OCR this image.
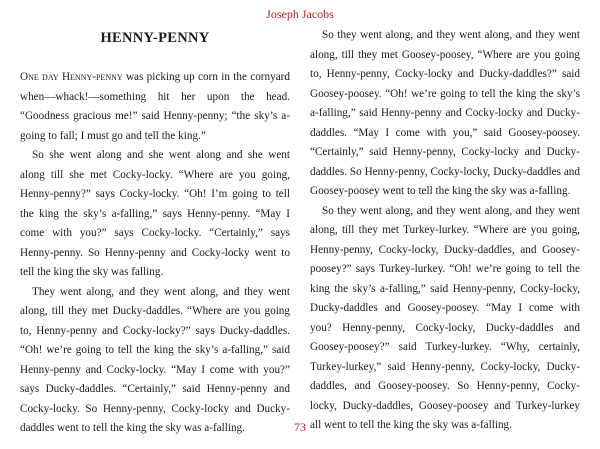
Joseph Jacobs
HENNY-PENNY

One day Henny-penny was picking up corn in the cornyard when—whack!—something hit her upon the head. “Goodness gracious me!” said Henny-penny; “the sky’s a-going to fall; I must go and tell the king.”

So she went along and she went along and she went along till she met Cocky-locky. “Where are you going, Henny-penny?” says Cocky-locky. “Oh! I’m going to tell the king the sky’s a-falling,” says Henny-penny. “May I come with you?” says Cocky-locky. “Certainly,” says Henny-penny. So Henny-penny and Cocky-locky went to tell the king the sky was falling.

They went along, and they went along, and they went along, till they met Ducky-daddles. “Where are you going to, Henny-penny and Cocky-locky?” says Ducky-daddles. “Oh! we’re going to tell the king the sky’s a-falling,” said Henny-penny and Cocky-locky. “May I come with you?” says Ducky-daddles. “Certainly,” said Henny-penny and Cocky-locky. So Henny-penny, Cocky-locky and Ducky-daddles went to tell the king the sky was a-falling.

So they went along, and they went along, and they went along, till they met Goosey-poosey, “Where are you going to, Henny-penny, Cocky-locky and Ducky-daddles?” said Goosey-poosey. “Oh! we’re going to tell the king the sky’s a-falling,” said Henny-penny and Cocky-locky and Ducky-daddles. “May I come with you,” said Goosey-poosey. “Certainly,” said Henny-penny, Cocky-locky and Ducky-daddles. So Henny-penny, Cocky-locky, Ducky-daddles and Goosey-poosey went to tell the king the sky was a-falling.

So they went along, and they went along, and they went along, till they met Turkey-lurkey. “Where are you going, Henny-penny, Cocky-locky, Ducky-daddles, and Goosey-poosey?” says Turkey-lurkey. “Oh! we’re going to tell the king the sky’s a-falling,” said Henny-penny, Cocky-locky, Ducky-daddles and Goosey-poosey. “May I come with you? Henny-penny, Cocky-locky, Ducky-daddles and Goosey-poosey?” said Turkey-lurkey. “Why, certainly, Turkey-lurkey,” said Henny-penny, Cocky-locky, Ducky-daddles, and Goosey-poosey. So Henny-penny, Cocky-locky, Ducky-daddles, Goosey-poosey and Turkey-lurkey all went to tell the king the sky was a-falling.

73
